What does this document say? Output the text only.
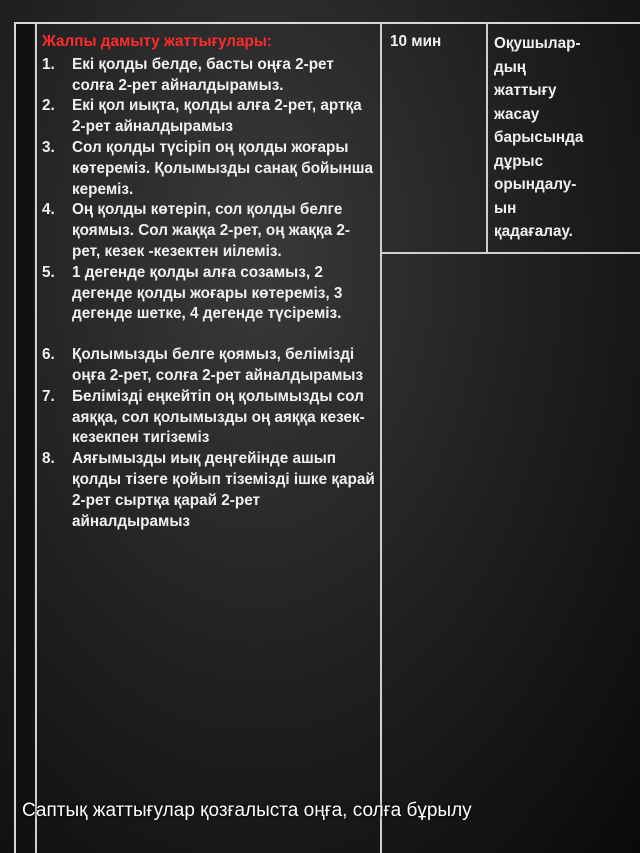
Жалпы дамыту жаттығулары:
1. Екі қолды белде, басты оңға 2-рет солға 2-рет айналдырамыз.
2. Екі қол иықта, қолды алға 2-рет, артқа 2-рет айналдырамыз
3. Сол қолды түсіріп оң қолды жоғары көтереміз. Қолымызды санақ бойынша кереміз.
4. Оң қолды көтеріп, сол қолды белге қоямыз. Сол жаққа 2-рет, оң жаққа 2-рет, кезек -кезектен иілеміз.
5. 1 дегенде қолды алға созамыз, 2 дегенде қолды жоғары көтереміз, 3 дегенде шетке, 4 дегенде түсіреміз.
6. Қолымызды белге қоямыз, белімізді оңға 2-рет, солға 2-рет айналдырамыз
7. Белімізді еңкейтіп оң қолымызды сол аяққа, сол қолымызды оң аяққа кезек-кезекпен тигіземіз
8. Аяғымызды иық деңгейінде ашып қолды тізеге қойып тіземізді ішке қарай 2-рет сыртқа қарай 2-рет айналдырамыз
10 мин	Оқушылар-
дың
жаттығу
жасау
барысында
дұрыс
орындалу-
ын
қадағалау.
Саптық жаттығулар қозғалыста оңға, солға бұрылу
